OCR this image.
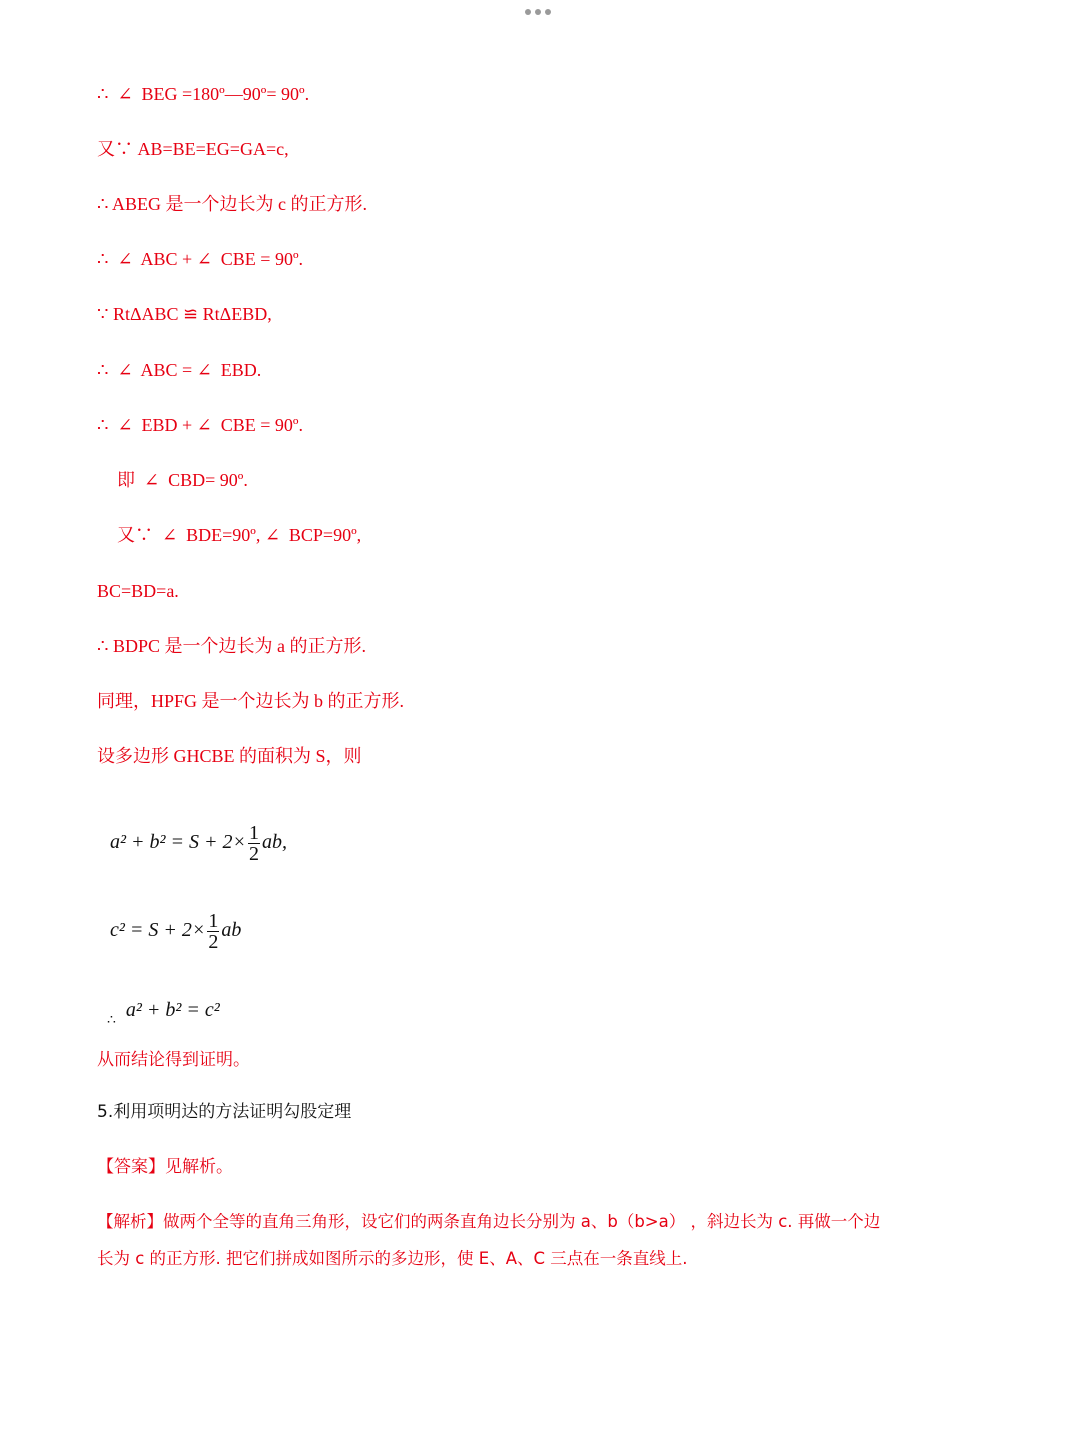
∴  ∠  BEG =180º—90º= 90º.
又∵ AB=BE=EG=GA=c,
∴ ABEG 是一个边长为 c 的正方形.
∴  ∠  ABC + ∠  CBE = 90º.
∵ RtΔABC ≌ RtΔEBD,
∴  ∠  ABC = ∠  EBD.
∴  ∠  EBD + ∠  CBE = 90º.
即  ∠  CBD= 90º.
又∵  ∠  BDE=90º, ∠  BCP=90º,
BC=BD=a.
∴ BDPC 是一个边长为 a 的正方形.
同理，HPFG 是一个边长为 b 的正方形.
设多边形 GHCBE 的面积为 S，则

$a^2 + b^2 = S + 2\times \frac{1}{2}$ ab,

$c^2 = S + 2\times \frac{1}{2}$ ab

$_\therefore$ a² + b² = c²

从而结论得到证明。
5.利用项明达的方法证明勾股定理
【答案】见解析。
【解析】做两个全等的直角三角形，设它们的两条直角边长分别为 a、b（b>a） ，斜边长为 c. 再做一个边
长为 c 的正方形. 把它们拼成如图所示的多边形，使 E、A、C 三点在一条直线上.
